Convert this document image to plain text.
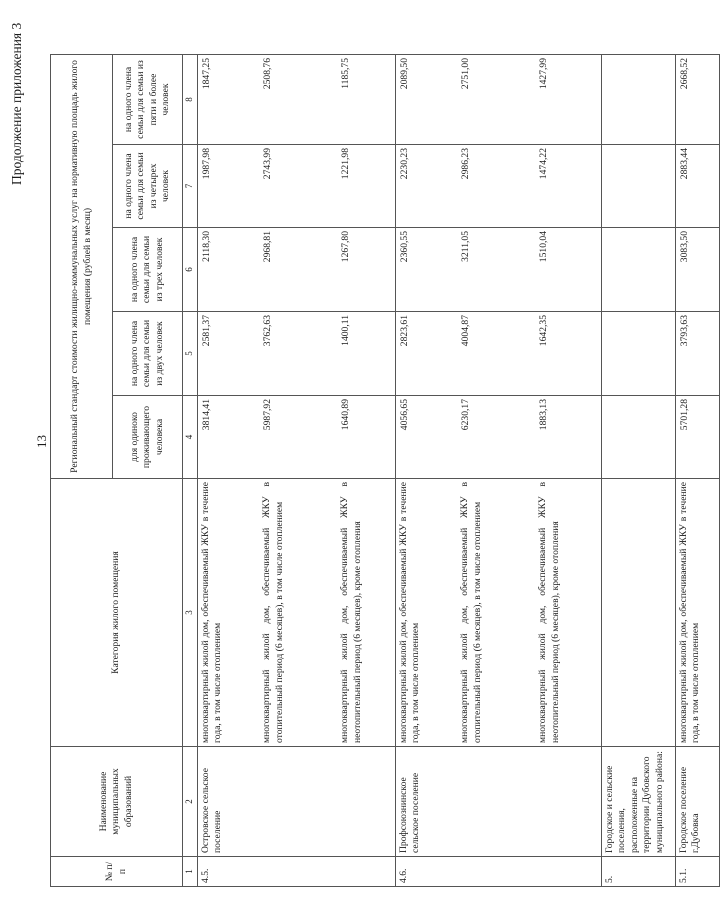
13
Продолжение приложения 3
№ п/п	Наименование муниципальных образований	Категория жилого помещения	Региональный стандарт стоимости жилищно-коммунальных услуг на нормативную площадь жилого помещения (рублей в месяц)				
			для одиноко проживающего человека	на одного члена семьи для семьи из двух человек	на одного члена семьи для семьи из трех человек	на одного члена семьи для семьи из четырех человек	на одного члена семьи для семьи из пяти и более человек
1	2	3	4	5	6	7	8
4.5.	Островское сельское поселение	многоквартирный жилой дом, обеспечиваемый ЖКУ в течение года, в том числе отоплением	3814,41	2581,37	2118,30	1987,98	1847,25
		многоквартирный жилой дом, обеспечиваемый ЖКУ в отопительный период (6 месяцев), в том числе отоплением	5987,92	3762,63	2968,81	2743,99	2508,76
		многоквартирный жилой дом, обеспечиваемый ЖКУ в неотопительный период (6 месяцев), кроме отопления	1640,89	1400,11	1267,80	1221,98	1185,75
4.6.	Профсоюзнинское сельское поселение	многоквартирный жилой дом, обеспечиваемый ЖКУ в течение года, в том числе отоплением	4056,65	2823,61	2360,55	2230,23	2089,50
		многоквартирный жилой дом, обеспечиваемый ЖКУ в отопительный период (6 месяцев), в том числе отоплением	6230,17	4004,87	3211,05	2986,23	2751,00
		многоквартирный жилой дом, обеспечиваемый ЖКУ в неотопительный период (6 месяцев), кроме отопления	1883,13	1642,35	1510,04	1474,22	1427,99
5.	Городское и сельские поселения, расположенные на территории Дубовского муниципального района:						
5.1.	Городское поселение г.Дубовка	многоквартирный жилой дом, обеспечиваемый ЖКУ в течение года, в том числе отоплением	5701,28	3793,63	3083,50	2883,44	2668,52
